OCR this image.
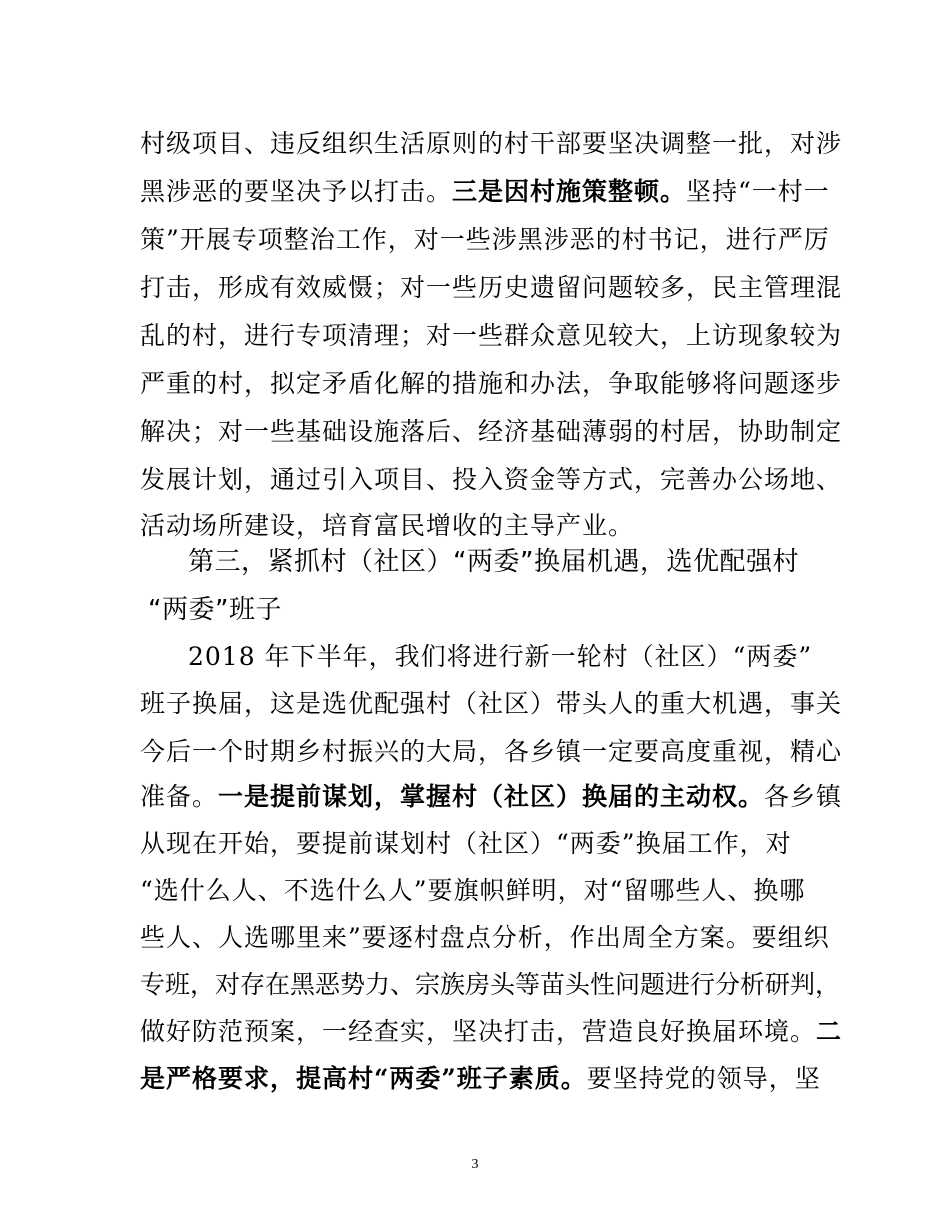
村级项目、违反组织生活原则的村干部要坚决调整一批，对涉
黑涉恶的要坚决予以打击。三是因村施策整顿。坚持“一村一
策”开展专项整治工作，对一些涉黑涉恶的村书记，进行严厉
打击，形成有效威慑；对一些历史遗留问题较多，民主管理混
乱的村，进行专项清理；对一些群众意见较大，上访现象较为
严重的村，拟定矛盾化解的措施和办法，争取能够将问题逐步
解决；对一些基础设施落后、经济基础薄弱的村居，协助制定
发展计划，通过引入项目、投入资金等方式，完善办公场地、
活动场所建设，培育富民增收的主导产业。
第三，紧抓村（社区）“两委”换届机遇，选优配强村
“两委”班子
2018 年下半年，我们将进行新一轮村（社区）“两委”
班子换届，这是选优配强村（社区）带头人的重大机遇，事关
今后一个时期乡村振兴的大局，各乡镇一定要高度重视，精心
准备。一是提前谋划，掌握村（社区）换届的主动权。各乡镇
从现在开始，要提前谋划村（社区）“两委”换届工作，对
“选什么人、不选什么人”要旗帜鲜明，对“留哪些人、换哪
些人、人选哪里来”要逐村盘点分析，作出周全方案。要组织
专班，对存在黑恶势力、宗族房头等苗头性问题进行分析研判，
做好防范预案，一经查实，坚决打击，营造良好换届环境。二
是严格要求，提高村“两委”班子素质。要坚持党的领导，坚
3
